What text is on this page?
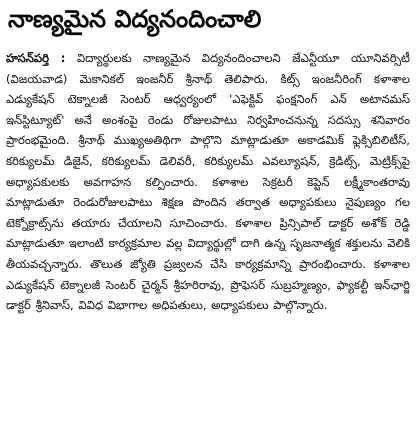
నాణ్యమైన విద్యనందించాలి

హసన్‌పర్తి : విద్యార్థులకు నాణ్యమైన విద్యనందించాలని జేఎన్టీయూ యూనివర్సిటీ (విజయవాడ) మెకానికల్ ఇంజనీర్ శ్రీనాథ్ తెలిపారు. కిట్స్ ఇంజనీరింగ్ కళాశాల ఎడ్యుకేషన్ టెక్నాలజీ సెంటర్ ఆధ్వర్యంలో 'ఎఫెక్టివ్ ఫంక్షనింగ్ ఎన్ అటానమస్ ఇన్‌స్టిట్యూట్' అనే అంశంపై రెండు రోజులపాటు నిర్వహించనున్న సదస్సు శనివారం ప్రారంభమైంది. శ్రీనాథ్ ముఖ్యఅతిథిగా పాల్గొని మాట్లాడుతూ అకాడమిక్ ఫ్లెక్సిబిలిటీస్, కరిక్యులమ్ డిజైన్, కరిక్యులమ్ డెలివరీ, కరిక్యులమ్ ఎవల్యూషన్, క్రెడిట్స్, మెట్రిక్స్‌పై అధ్యాపకులకు అవగాహన కల్పించారు. కళాశాల సెక్రటరీ కెప్టెన్ లక్ష్మీకాంతరావు మాట్లాడుతూ రెండురోజులపాటు శిక్షణ పొందిన తర్వాత అధ్యాపకులు నైపుణ్యం గల టెక్నోక్రాట్స్‌ను తయారు చేయాలని సూచించారు. కళాశాల ప్రిన్సిపాల్ డాక్టర్ అశోక్ రెడ్డి మాట్లాడుతూ ఇలాంటి కార్యక్రమాల వల్ల విద్యార్థుల్లో దాగి ఉన్న సృజనాత్మక శక్తులను వెలికి తీయవచ్చన్నారు. తొలుత జ్యోతి ప్రజ్వలన చేసి కార్యక్రమాన్ని ప్రారంభించారు. కళాశాల ఎడ్యుకేషన్ టెక్నాలజీ సెంటర్ చైర్మన్ శ్రీహరిరావు, ప్రొఫెసర్ సుబ్రహ్మణ్యం, ఫ్యాకల్టీ ఇన్‌ఛార్జి డాక్టర్ శ్రీనివాస్, వివిధ విభాగాల అధిపతులు, అధ్యాపకులు పాల్గొన్నారు.
